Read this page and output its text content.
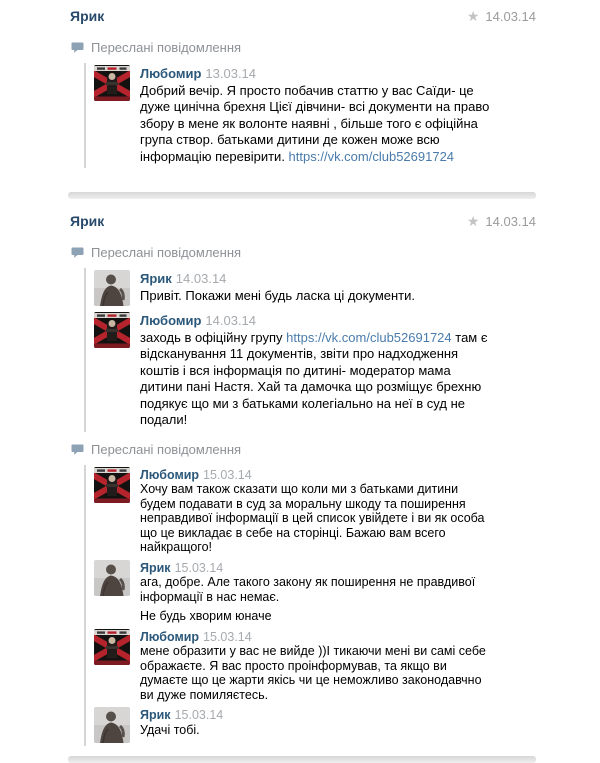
Ярик	★ 14.03.14
Переслані повідомлення
Любомир 13.03.14
Добрий вечір. Я просто побачив статтю у вас Саїди- це дуже цинічна брехня Цієї дівчини- всі документи на право збору в мене як волонте наявні , більше того є офіційна група створ. батьками дитини де кожен може всю інформацію перевірити. https://vk.com/club52691724
Ярик	★ 14.03.14
Переслані повідомлення
Ярик 14.03.14
Привіт. Покажи мені будь ласка ці документи.
Любомир 14.03.14
заходь в офіційну групу https://vk.com/club52691724 там є відсканування 11 документів, звіти про надходження коштів і вся інформація по дитині- модератор мама дитини пані Настя. Хай та дамочка що розміщує брехню подякує що ми з батьками колегіально на неї в суд не подали!
Переслані повідомлення
Любомир 15.03.14
Хочу вам також сказати що коли ми з батьками дитини будем подавати в суд за моральну шкоду та поширення неправдивої інформації в цей список увійдете і ви як особа що це викладає в себе на сторінці. Бажаю вам всего найкращого!
Ярик 15.03.14
ага, добре. Але такого закону як поширення не правдивої інформації в нас немає.
Не будь хворим юначе
Любомир 15.03.14
мене образити у вас не вийде ))І тикаючи мені ви самі себе ображаєте. Я вас просто проінформував, та якщо ви думаєте що це жарти якісь чи це неможливо законодавчно ви дуже помиляєтесь.
Ярик 15.03.14
Удачі тобі.
